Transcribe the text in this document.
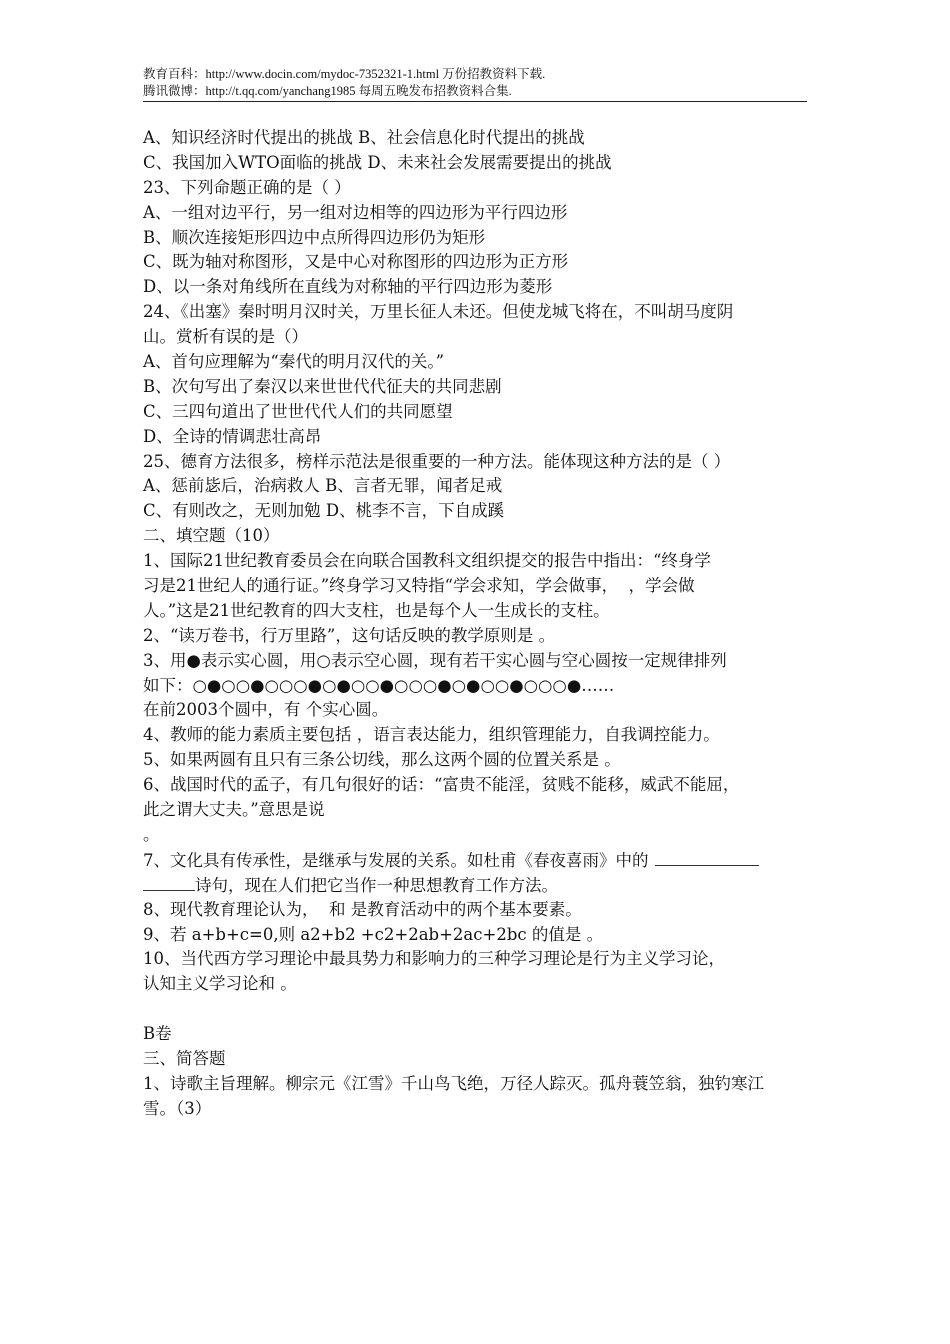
教育百科：http://www.docin.com/mydoc-7352321-1.html 万份招教资料下载.
腾讯微博：http://t.qq.com/yanchang1985 每周五晚发布招教资料合集.
A、知识经济时代提出的挑战 B、社会信息化时代提出的挑战
C、我国加入WTO面临的挑战 D、未来社会发展需要提出的挑战
23、下列命题正确的是（ ）
A、一组对边平行，另一组对边相等的四边形为平行四边形
B、顺次连接矩形四边中点所得四边形仍为矩形
C、既为轴对称图形，又是中心对称图形的四边形为正方形
D、以一条对角线所在直线为对称轴的平行四边形为菱形
24、《出塞》秦时明月汉时关，万里长征人未还。但使龙城飞将在，不叫胡马度阴
山。赏析有误的是（）
A、首句应理解为“秦代的明月汉代的关。”
B、次句写出了秦汉以来世世代代征夫的共同悲剧
C、三四句道出了世世代代人们的共同愿望
D、全诗的情调悲壮高昂
25、德育方法很多，榜样示范法是很重要的一种方法。能体现这种方法的是（ ）
A、惩前毖后，治病救人 B、言者无罪，闻者足戒
C、有则改之，无则加勉 D、桃李不言，下自成蹊
二、填空题（10）
1、国际21世纪教育委员会在向联合国教科文组织提交的报告中指出：“终身学
习是21世纪人的通行证。”终身学习又特指“学会求知，学会做事，  ，学会做
人。”这是21世纪教育的四大支柱，也是每个人一生成长的支柱。
2、“读万卷书，行万里路”，这句话反映的教学原则是 。
3、用●表示实心圆，用○表示空心圆，现有若干实心圆与空心圆按一定规律排列
如下：○●○○●○○○●○●○○●○○○●○●○○●○○○●……
在前2003个圆中，有 个实心圆。
4、教师的能力素质主要包括 ，语言表达能力，组织管理能力，自我调控能力。
5、如果两圆有且只有三条公切线，那么这两个圆的位置关系是 。
6、战国时代的孟子，有几句很好的话：“富贵不能淫，贫贱不能移，威武不能屈，
此之谓大丈夫。”意思是说
。
7、文化具有传承性，是继承与发展的关系。如杜甫《春夜喜雨》中的
诗句，现在人们把它当作一种思想教育工作方法。
8、现代教育理论认为，  和 是教育活动中的两个基本要素。
9、若 a+b+c=0,则 a2+b2 +c2+2ab+2ac+2bc 的值是 。
10、当代西方学习理论中最具势力和影响力的三种学习理论是行为主义学习论，
认知主义学习论和 。
B卷
三、简答题
1、诗歌主旨理解。柳宗元《江雪》千山鸟飞绝，万径人踪灭。孤舟蓑笠翁，独钓寒江
雪。（3）
